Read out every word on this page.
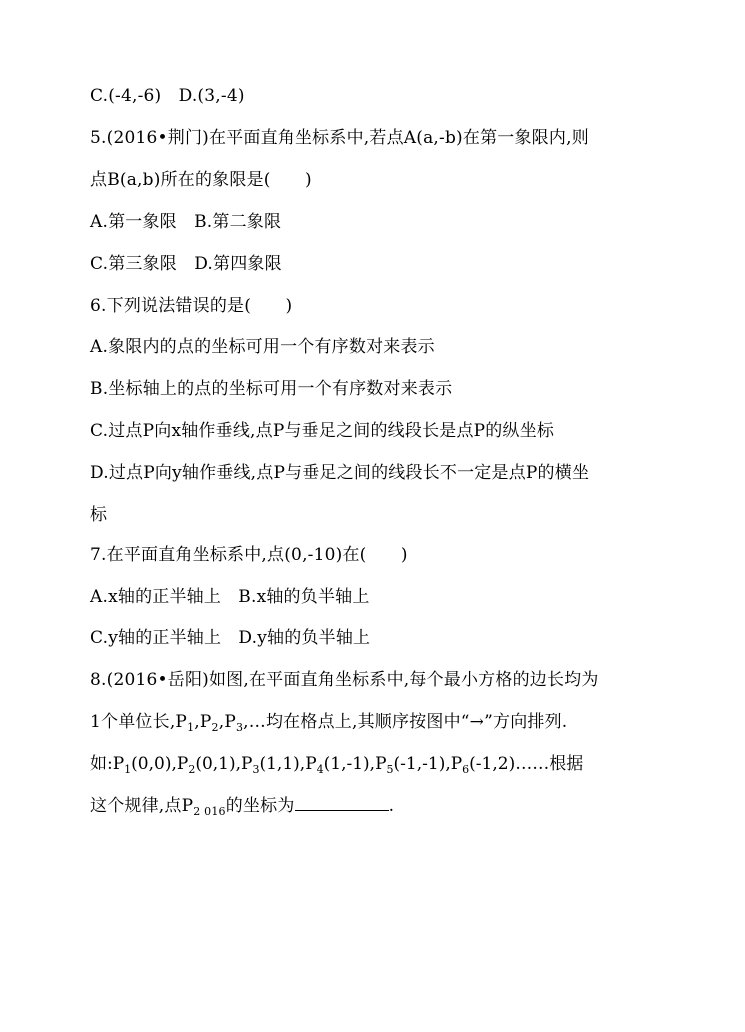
C.(-4,-6)　D.(3,-4)
5.(2016•荆门)在平面直角坐标系中,若点A(a,-b)在第一象限内,则
点B(a,b)所在的象限是(　　)
A.第一象限　B.第二象限
C.第三象限　D.第四象限
6.下列说法错误的是(　　)
A.象限内的点的坐标可用一个有序数对来表示
B.坐标轴上的点的坐标可用一个有序数对来表示
C.过点P向x轴作垂线,点P与垂足之间的线段长是点P的纵坐标
D.过点P向y轴作垂线,点P与垂足之间的线段长不一定是点P的横坐
标
7.在平面直角坐标系中,点(0,-10)在(　　)
A.x轴的正半轴上　B.x轴的负半轴上
C.y轴的正半轴上　D.y轴的负半轴上
8.(2016•岳阳)如图,在平面直角坐标系中,每个最小方格的边长均为
1个单位长$,P_1,P_2,P_3,\dots$均在格点上,其顺序按图中“→”方向排列.
如$:P_1(0,0),P_2(0,1),P_3(1,1),P_4(1,-1),P_5(-1,-1),P_6(-1,2)\dots\dots$根据
这个规律,点$P_{2 016}$的坐标为	.
